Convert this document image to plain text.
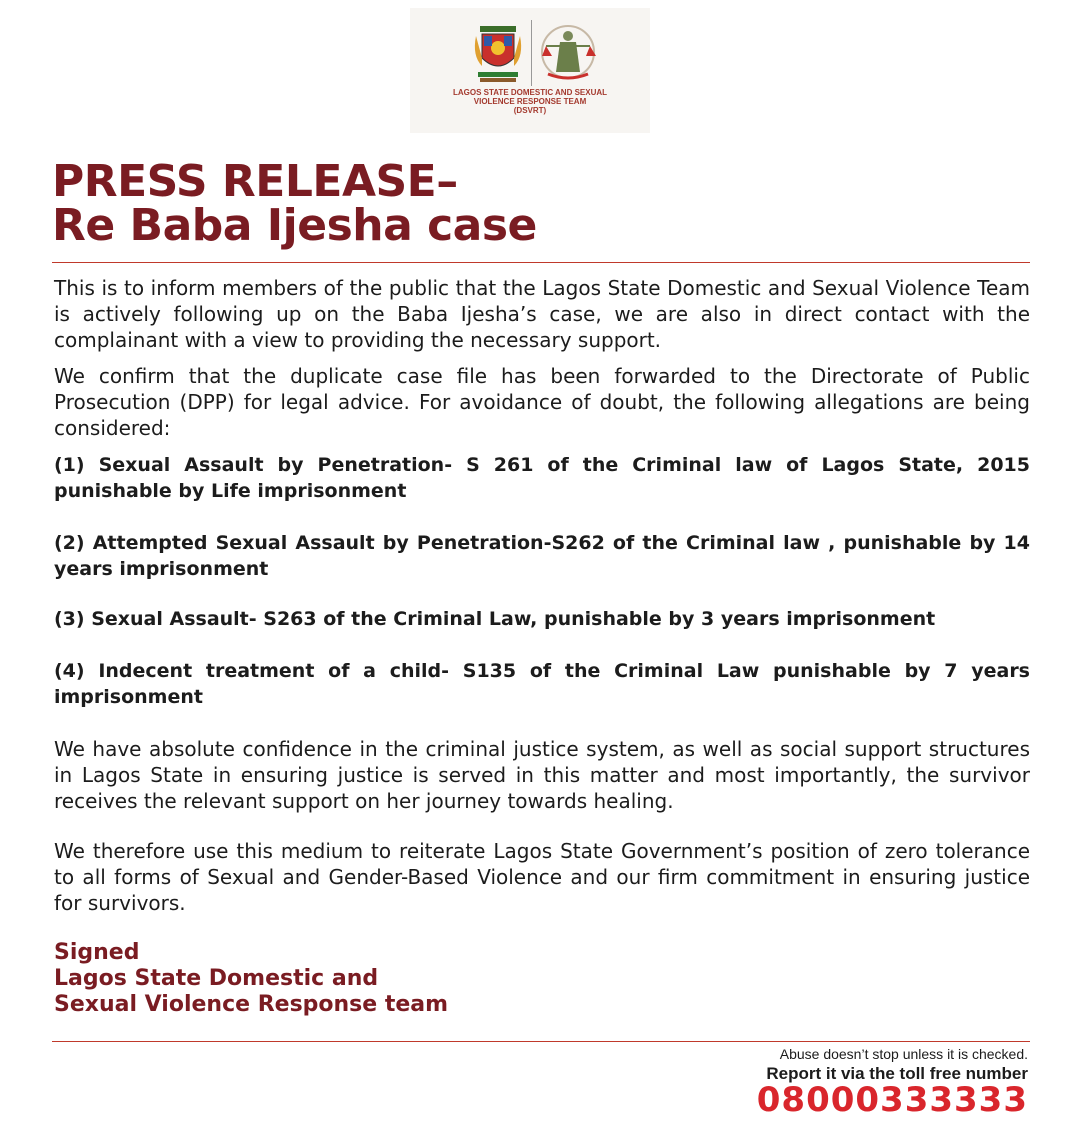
LAGOS STATE DOMESTIC AND SEXUAL
VIOLENCE RESPONSE TEAM
(DSVRT)
PRESS RELEASE–
Re Baba Ijesha case
This is to inform members of the public that the Lagos State Domestic and Sexual Violence Team is actively following up on the Baba Ijesha’s case, we are also in direct contact with the complainant with a view to providing the necessary support.
We confirm that the duplicate case file has been forwarded to the Directorate of Public Prosecution (DPP) for legal advice. For avoidance of doubt, the following allegations are being considered:
(1) Sexual Assault by Penetration- S 261 of the Criminal law of Lagos State, 2015 punishable by Life imprisonment
(2) Attempted Sexual Assault by Penetration-S262 of the Criminal law , punishable by 14 years imprisonment
(3) Sexual Assault- S263 of the Criminal Law, punishable by 3 years imprisonment
(4) Indecent treatment of a child- S135 of the Criminal Law punishable by 7 years imprisonment
We have absolute confidence in the criminal justice system, as well as social support structures in Lagos State in ensuring justice is served in this matter and most importantly, the survivor receives the relevant support on her journey towards healing.
We therefore use this medium to reiterate Lagos State Government’s position of zero tolerance to all forms of Sexual and Gender-Based Violence and our firm commitment in ensuring justice for survivors.
Signed
Lagos State Domestic and
Sexual Violence Response team
Abuse doesn’t stop unless it is checked.
Report it via the toll free number
08000333333
